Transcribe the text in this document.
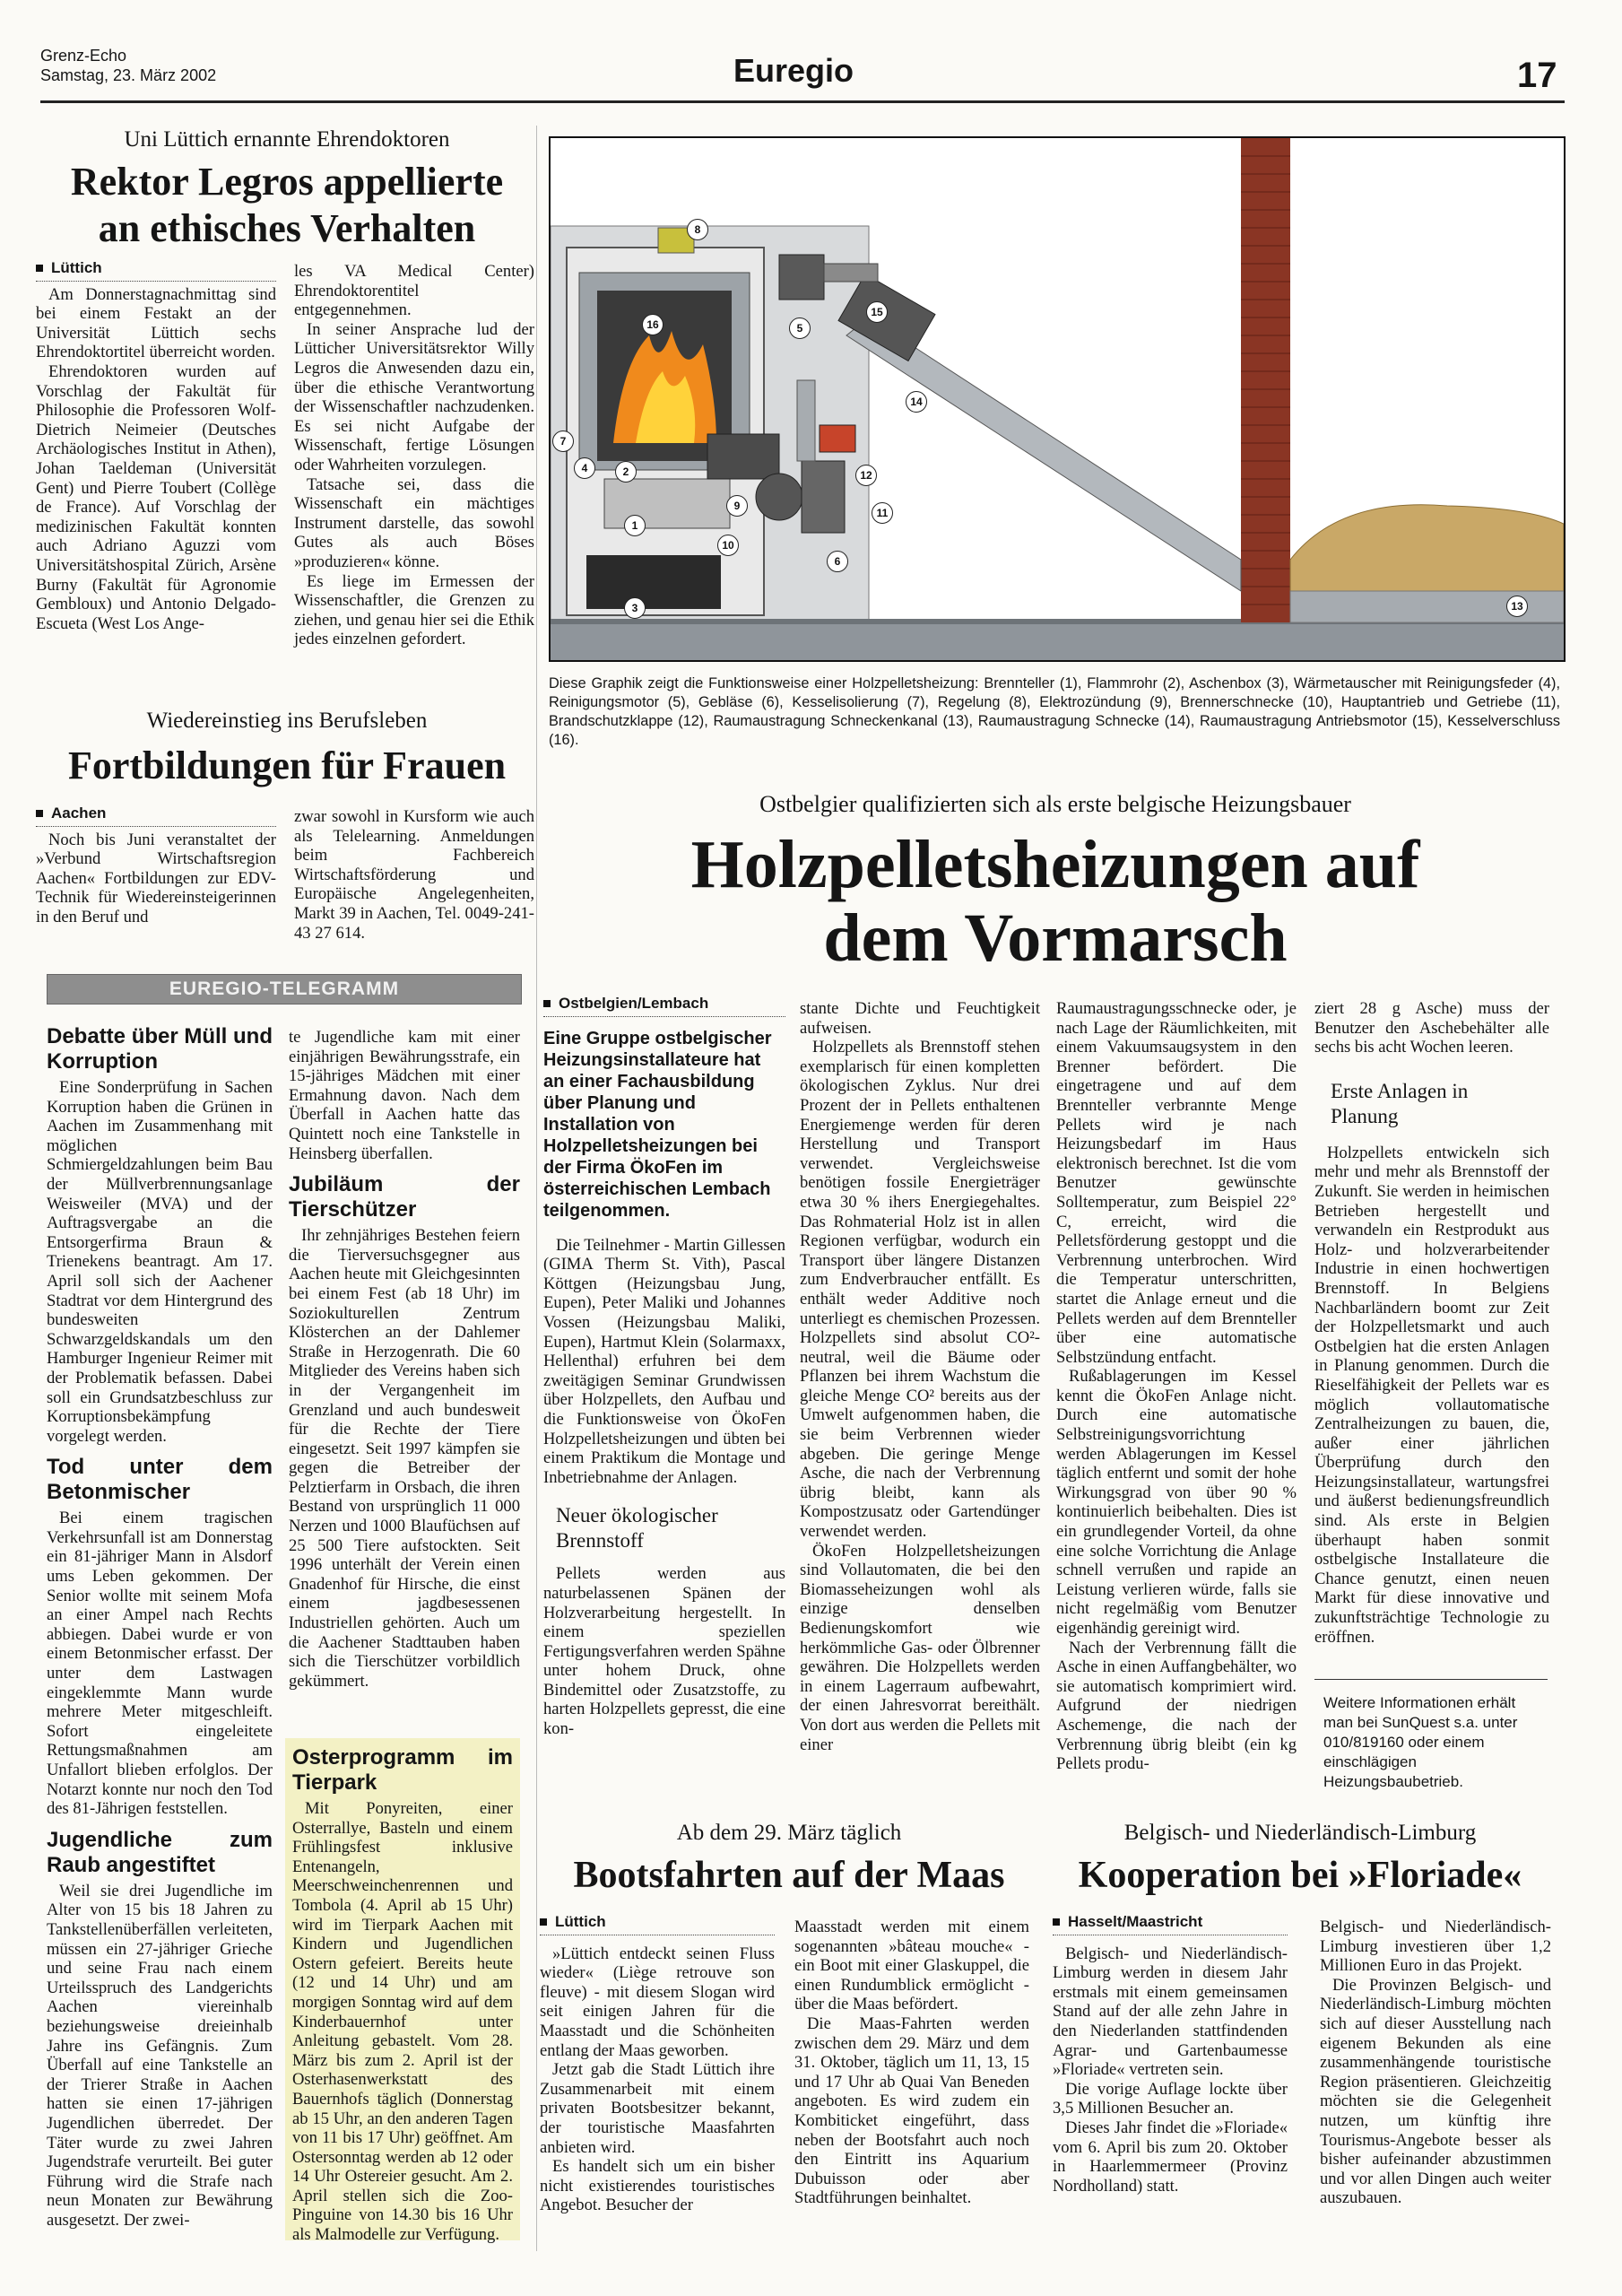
Grenz-Echo
Samstag, 23. März 2002	Euregio	17
Uni Lüttich ernannte Ehrendoktoren
Rektor Legros appellierte
an ethisches Verhalten
Lüttich

Am Donnerstagnachmittag sind bei einem Festakt an der Universität Lüttich sechs Ehrendoktortitel überreicht worden.

Ehrendoktoren wurden auf Vorschlag der Fakultät für Philosophie die Professoren Wolf-Dietrich Neimeier (Deutsches Archäologisches Institut in Athen), Johan Taeldeman (Universität Gent) und Pierre Toubert (Collège de France). Auf Vorschlag der medizinischen Fakultät konnten auch Adriano Aguzzi vom Universitätshospital Zürich, Arsène Burny (Fakultät für Agronomie Gembloux) und Antonio Delgado-Escueta (West Los Ange-

les VA Medical Center) Ehrendoktorentitel entgegennehmen.

In seiner Ansprache lud der Lütticher Universitätsrektor Willy Legros die Anwesenden dazu ein, über die ethische Verantwortung der Wissenschaftler nachzudenken. Es sei nicht Aufgabe der Wissenschaft, fertige Lösungen oder Wahrheiten vorzulegen.

Tatsache sei, dass die Wissenschaft ein mächtiges Instrument darstelle, das sowohl Gutes als auch Böses »produzieren« könne.

Es liege im Ermessen der Wissenschaftler, die Grenzen zu ziehen, und genau hier sei die Ethik jedes einzelnen gefordert.

Wiedereinstieg ins Berufsleben
Fortbildungen für Frauen
Aachen

Noch bis Juni veranstaltet der »Verbund Wirtschaftsregion Aachen« Fortbildungen zur EDV-Technik für Wiedereinsteigerinnen in den Beruf und

zwar sowohl in Kursform wie auch als Telelearning. Anmeldungen beim Fachbereich Wirtschaftsförderung und Europäische Angelegenheiten, Markt 39 in Aachen, Tel. 0049-241-43 27 614.

1
2
3
4
5
6
7
8
9
10
11
12
13
14
15
16
Diese Graphik zeigt die Funktionsweise einer Holzpelletsheizung: Brennteller (1), Flammrohr (2), Aschenbox (3), Wärmetauscher mit Reinigungsfeder (4), Reinigungsmotor (5), Gebläse (6), Kesselisolierung (7), Regelung (8), Elektrozündung (9), Brennerschnecke (10), Hauptantrieb und Getriebe (11), Brandschutzklappe (12), Raumaustragung Schneckenkanal (13), Raumaustragung Schnecke (14), Raumaustragung Antriebsmotor (15), Kesselverschluss (16).
EUREGIO-TELEGRAMM
Debatte über Müll und Korruption

Eine Sonderprüfung in Sachen Korruption haben die Grünen in Aachen im Zusammenhang mit möglichen Schmiergeldzahlungen beim Bau der Müllverbrennungsanlage Weisweiler (MVA) und der Auftragsvergabe an die Entsorgerfirma Braun & Trienekens beantragt. Am 17. April soll sich der Aachener Stadtrat vor dem Hintergrund des bundesweiten Schwarzgeldskandals um den Hamburger Ingenieur Reimer mit der Problematik befassen. Dabei soll ein Grundsatzbeschluss zur Korruptionsbekämpfung vorgelegt werden.

Tod unter dem Betonmischer

Bei einem tragischen Verkehrsunfall ist am Donnerstag ein 81-jähriger Mann in Alsdorf ums Leben gekommen. Der Senior wollte mit seinem Mofa an einer Ampel nach Rechts abbiegen. Dabei wurde er von einem Betonmischer erfasst. Der unter dem Lastwagen eingeklemmte Mann wurde mehrere Meter mitgeschleift. Sofort eingeleitete Rettungsmaßnahmen am Unfallort blieben erfolglos. Der Notarzt konnte nur noch den Tod des 81-Jährigen feststellen.

Jugendliche zum Raub angestiftet

Weil sie drei Jugendliche im Alter von 15 bis 18 Jahren zu Tankstellenüberfällen verleiteten, müssen ein 27-jähriger Grieche und seine Frau nach einem Urteilsspruch des Landgerichts Aachen viereinhalb beziehungsweise dreieinhalb Jahre ins Gefängnis. Zum Überfall auf eine Tankstelle an der Trierer Straße in Aachen hatten sie einen 17-jährigen Jugendlichen überredet. Der Täter wurde zu zwei Jahren Jugendstrafe verurteilt. Bei guter Führung wird die Strafe nach neun Monaten zur Bewährung ausgesetzt. Der zwei-

te Jugendliche kam mit einer einjährigen Bewährungsstrafe, ein 15-jähriges Mädchen mit einer Ermahnung davon. Nach dem Überfall in Aachen hatte das Quintett noch eine Tankstelle in Heinsberg überfallen.

Jubiläum der Tierschützer

Ihr zehnjähriges Bestehen feiern die Tierversuchsgegner aus Aachen heute mit Gleichgesinnten bei einem Fest (ab 18 Uhr) im Soziokulturellen Zentrum Klösterchen an der Dahlemer Straße in Herzogenrath. Die 60 Mitglieder des Vereins haben sich in der Vergangenheit im Grenzland und auch bundesweit für die Rechte der Tiere eingesetzt. Seit 1997 kämpfen sie gegen die Betreiber der Pelztierfarm in Orsbach, die ihren Bestand von ursprünglich 11 000 Nerzen und 1000 Blaufüchsen auf 25 500 Tiere aufstockten. Seit 1996 unterhält der Verein einen Gnadenhof für Hirsche, die einst einem jagdbesessenen Industriellen gehörten. Auch um die Aachener Stadttauben haben sich die Tierschützer vorbildlich gekümmert.

Osterprogramm im Tierpark

Mit Ponyreiten, einer Osterrallye, Basteln und einem Frühlingsfest inklusive Entenangeln, Meerschweinchenrennen und Tombola (4. April ab 15 Uhr) wird im Tierpark Aachen mit Kindern und Jugendlichen Ostern gefeiert. Bereits heute (12 und 14 Uhr) und am morgigen Sonntag wird auf dem Kinderbauernhof unter Anleitung gebastelt. Vom 28. März bis zum 2. April ist der Osterhasenwerkstatt des Bauernhofs täglich (Donnerstag ab 15 Uhr, an den anderen Tagen von 11 bis 17 Uhr) geöffnet. Am Ostersonntag werden ab 12 oder 14 Uhr Ostereier gesucht. Am 2. April stellen sich die Zoo-Pinguine von 14.30 bis 16 Uhr als Malmodelle zur Verfügung.

Ostbelgier qualifizierten sich als erste belgische Heizungsbauer
Holzpelletsheizungen auf
dem Vormarsch
Ostbelgien/Lembach
Eine Gruppe ostbelgischer Heizungsinstallateure hat an einer Fachausbildung über Planung und Installation von Holzpelletsheizungen bei der Firma ÖkoFen im österreichischen Lembach teilgenommen.

Die Teilnehmer - Martin Gillessen (GIMA Therm St. Vith), Pascal Köttgen (Heizungsbau Jung, Eupen), Peter Maliki und Johannes Vossen (Heizungsbau Maliki, Eupen), Hartmut Klein (Solarmaxx, Hellenthal) erfuhren bei dem zweitägigen Seminar Grundwissen über Holzpellets, den Aufbau und die Funktionsweise von ÖkoFen Holzpelletsheizungen und übten bei einem Praktikum die Montage und Inbetriebnahme der Anlagen.

Neuer ökologischer Brennstoff

Pellets werden aus naturbelassenen Spänen der Holzverarbeitung hergestellt. In einem speziellen Fertigungsverfahren werden Spähne unter hohem Druck, ohne Bindemittel oder Zusatzstoffe, zu harten Holzpellets gepresst, die eine kon-

stante Dichte und Feuchtigkeit aufweisen.

Holzpellets als Brennstoff stehen exemplarisch für einen kompletten ökologischen Zyklus. Nur drei Prozent der in Pellets enthaltenen Energiemenge werden für deren Herstellung und Transport verwendet. Vergleichsweise benötigen fossile Energieträger etwa 30 % ihers Energiegehaltes. Das Rohmaterial Holz ist in allen Regionen verfügbar, wodurch ein Transport über längere Distanzen zum Endverbraucher entfällt. Es enthält weder Additive noch unterliegt es chemischen Prozessen. Holzpellets sind absolut CO²-neutral, weil die Bäume oder Pflanzen bei ihrem Wachstum die gleiche Menge CO² bereits aus der Umwelt aufgenommen haben, die sie beim Verbrennen wieder abgeben. Die geringe Menge Asche, die nach der Verbrennung übrig bleibt, kann als Kompostzusatz oder Gartendünger verwendet werden.

ÖkoFen Holzpelletsheizungen sind Vollautomaten, die bei den Biomasseheizungen wohl als einzige denselben Bedienungskomfort wie herkömmliche Gas- oder Ölbrenner gewähren. Die Holzpellets werden in einem Lagerraum aufbewahrt, der einen Jahresvorrat bereithält. Von dort aus werden die Pellets mit einer

Raumaustragungsschnecke oder, je nach Lage der Räumlichkeiten, mit einem Vakuumsaugsystem in den Brenner befördert. Die eingetragene und auf dem Brennteller verbrannte Menge Pellets wird je nach Heizungsbedarf im Haus elektronisch berechnet. Ist die vom Benutzer gewünschte Solltemperatur, zum Beispiel 22° C, erreicht, wird die Pelletsförderung gestoppt und die Verbrennung unterbrochen. Wird die Temperatur unterschritten, startet die Anlage erneut und die Pellets werden auf dem Brennteller über eine automatische Selbstzündung entfacht.

Rußablagerungen im Kessel kennt die ÖkoFen Anlage nicht. Durch eine automatische Selbstreinigungsvorrichtung werden Ablagerungen im Kessel täglich entfernt und somit der hohe Wirkungsgrad von über 90 % kontinuierlich beibehalten. Dies ist ein grundlegender Vorteil, da ohne eine solche Vorrichtung die Anlage schnell verrußen und rapide an Leistung verlieren würde, falls sie nicht regelmäßig vom Benutzer eigenhändig gereinigt wird.

Nach der Verbrennung fällt die Asche in einen Auffangbehälter, wo sie automatisch komprimiert wird. Aufgrund der niedrigen Aschemenge, die nach der Verbrennung übrig bleibt (ein kg Pellets produ-

ziert 28 g Asche) muss der Benutzer den Aschebehälter alle sechs bis acht Wochen leeren.

Erste Anlagen in Planung

Holzpellets entwickeln sich mehr und mehr als Brennstoff der Zukunft. Sie werden in heimischen Betrieben hergestellt und verwandeln ein Restprodukt aus Holz- und holzverarbeitender Industrie in einen hochwertigen Brennstoff. In Belgiens Nachbarländern boomt zur Zeit der Holzpelletsmarkt und auch Ostbelgien hat die ersten Anlagen in Planung genommen. Durch die Rieselfähigkeit der Pellets war es möglich vollautomatische Zentralheizungen zu bauen, die, außer einer jährlichen Überprüfung durch den Heizungsinstallateur, wartungsfrei und äußerst bedienungsfreundlich sind. Als erste in Belgien überhaupt haben sonmit ostbelgische Installateure die Chance genutzt, einen neuen Markt für diese innovative und zukunftsträchtige Technologie zu eröffnen.

Weitere Informationen erhält man bei SunQuest s.a. unter 010/819160 oder einem einschlägigen Heizungsbaubetrieb.
Ab dem 29. März täglich
Bootsfahrten auf der Maas
Lüttich

»Lüttich entdeckt seinen Fluss wieder« (Liège retrouve son fleuve) - mit diesem Slogan wird seit einigen Jahren für die Maasstadt und die Schönheiten entlang der Maas geworben.

Jetzt gab die Stadt Lüttich ihre Zusammenarbeit mit einem privaten Bootsbesitzer bekannt, der touristische Maasfahrten anbieten wird.

Es handelt sich um ein bisher nicht existierendes touristisches Angebot. Besucher der

Maasstadt werden mit einem sogenannten »bâteau mouche« - ein Boot mit einer Glaskuppel, die einen Rundumblick ermöglicht - über die Maas befördert.

Die Maas-Fahrten werden zwischen dem 29. März und dem 31. Oktober, täglich um 11, 13, 15 und 17 Uhr ab Quai Van Beneden angeboten. Es wird zudem ein Kombiticket eingeführt, dass neben der Bootsfahrt auch noch den Eintritt ins Aquarium Dubuisson oder aber Stadtführungen beinhaltet.

Belgisch- und Niederländisch-Limburg
Kooperation bei »Floriade«
Hasselt/Maastricht

Belgisch- und Niederländisch-Limburg werden in diesem Jahr erstmals mit einem gemeinsamen Stand auf der alle zehn Jahre in den Niederlanden stattfindenden Agrar- und Gartenbaumesse »Floriade« vertreten sein.

Die vorige Auflage lockte über 3,5 Millionen Besucher an.

Dieses Jahr findet die »Floriade« vom 6. April bis zum 20. Oktober in Haarlemmermeer (Provinz Nordholland) statt.

Belgisch- und Niederländisch-Limburg investieren über 1,2 Millionen Euro in das Projekt.

Die Provinzen Belgisch- und Niederländisch-Limburg möchten sich auf dieser Ausstellung nach eigenem Bekunden als eine zusammenhängende touristische Region präsentieren. Gleichzeitig möchten sie die Gelegenheit nutzen, um künftig ihre Tourismus-Angebote besser als bisher aufeinander abzustimmen und vor allen Dingen auch weiter auszubauen.
